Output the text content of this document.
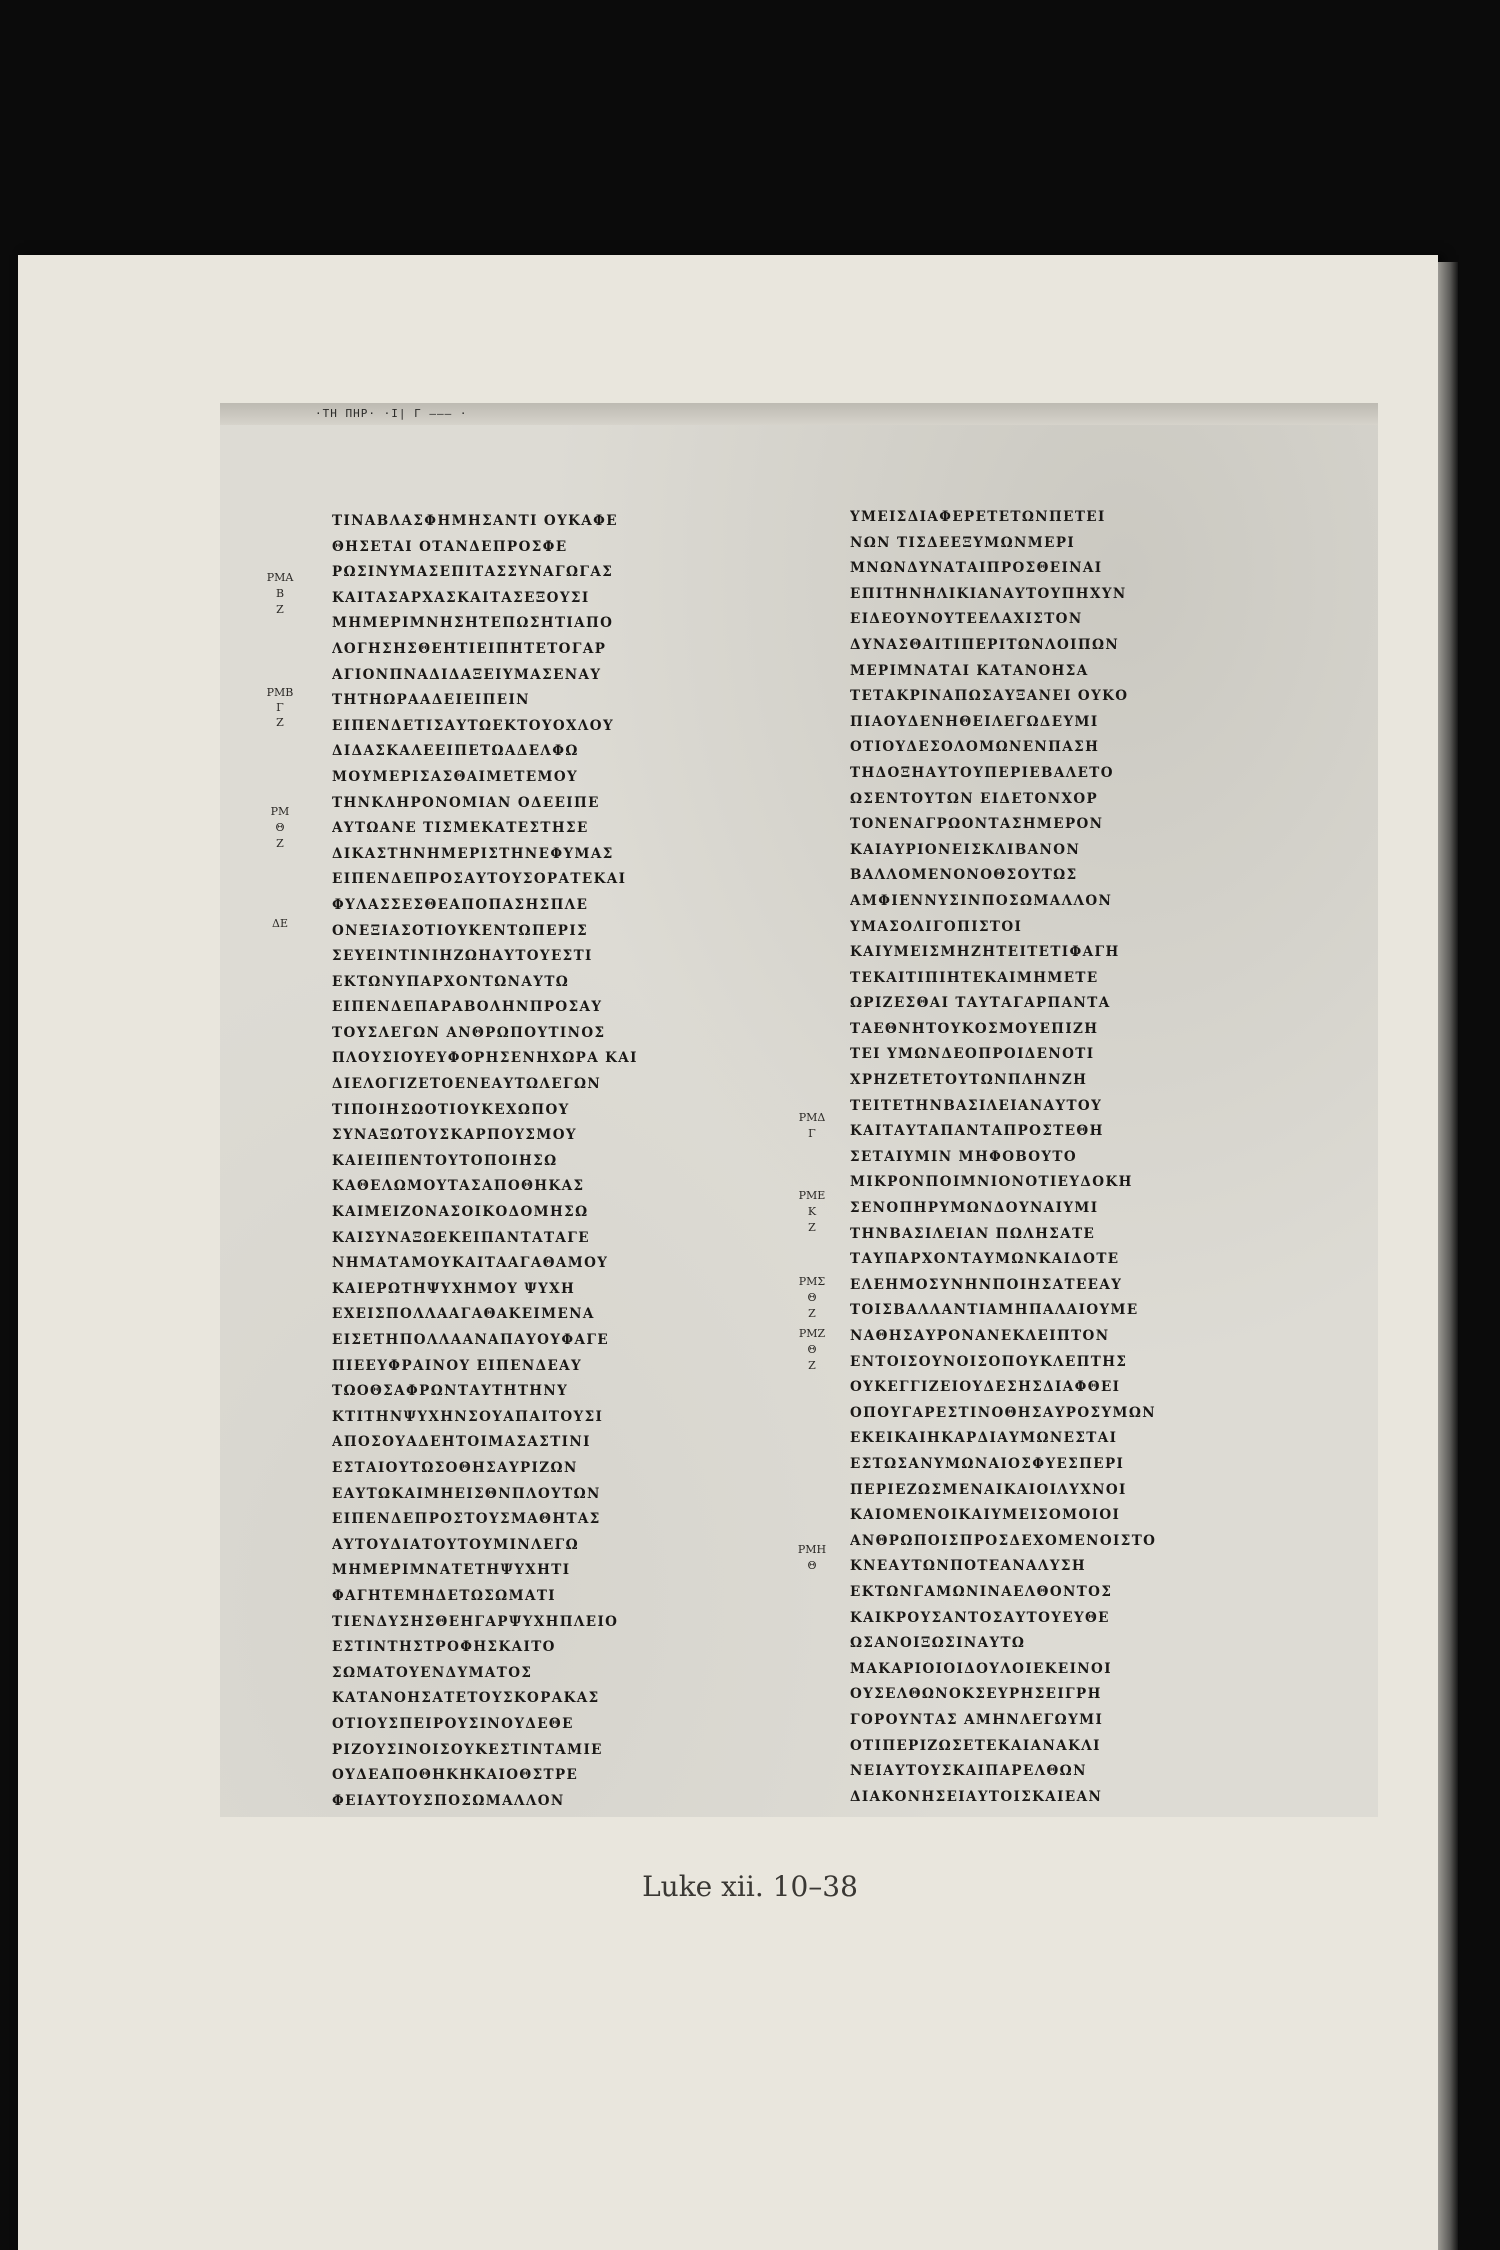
·ΤΗ ΠΗΡ· ·Ι| Γ ——— ·
ΡΜΑ
Β
Ζ
ΡΜΒ
Γ
Ζ
ΡΜ
Θ
Ζ
ΔΕ
ΤΙΝΑΒΛΑΣΦΗΜΗΣΑΝΤΙ ΟΥΚΑΦΕ
ΘΗΣΕΤΑΙ ΟΤΑΝΔΕΠΡΟΣΦΕ
ΡΩΣΙΝΥΜΑΣΕΠΙΤΑΣΣΥΝΑΓΩΓΑΣ
ΚΑΙΤΑΣΑΡΧΑΣΚΑΙΤΑΣΕΞΟΥΣΙ
ΜΗΜΕΡΙΜΝΗΣΗΤΕΠΩΣΗΤΙΑΠΟ
ΛΟΓΗΣΗΣΘΕΗΤΙΕΙΠΗΤΕΤΟΓΑΡ
ΑΓΙΟΝΠΝΑΔΙΔΑΞΕΙΥΜΑΣΕΝΑΥ
ΤΗΤΗΩΡΑΑΔΕΙΕΙΠΕΙΝ
ΕΙΠΕΝΔΕΤΙΣΑΥΤΩΕΚΤΟΥΟΧΛΟΥ
ΔΙΔΑΣΚΑΛΕΕΙΠΕΤΩΑΔΕΛΦΩ
ΜΟΥΜΕΡΙΣΑΣΘΑΙΜΕΤΕΜΟΥ
ΤΗΝΚΛΗΡΟΝΟΜΙΑΝ ΟΔΕΕΙΠΕ
ΑΥΤΩΑΝΕ ΤΙΣΜΕΚΑΤΕΣΤΗΣΕ
ΔΙΚΑΣΤΗΝΗΜΕΡΙΣΤΗΝΕΦΥΜΑΣ
ΕΙΠΕΝΔΕΠΡΟΣΑΥΤΟΥΣΟΡΑΤΕΚΑΙ
ΦΥΛΑΣΣΕΣΘΕΑΠΟΠΑΣΗΣΠΛΕ
ΟΝΕΞΙΑΣΟΤΙΟΥΚΕΝΤΩΠΕΡΙΣ
ΣΕΥΕΙΝΤΙΝΙΗΖΩΗΑΥΤΟΥΕΣΤΙ
ΕΚΤΩΝΥΠΑΡΧΟΝΤΩΝΑΥΤΩ
ΕΙΠΕΝΔΕΠΑΡΑΒΟΛΗΝΠΡΟΣΑΥ
ΤΟΥΣΛΕΓΩΝ ΑΝΘΡΩΠΟΥΤΙΝΟΣ
ΠΛΟΥΣΙΟΥΕΥΦΟΡΗΣΕΝΗΧΩΡΑ ΚΑΙ
ΔΙΕΛΟΓΙΖΕΤΟΕΝΕΑΥΤΩΛΕΓΩΝ
ΤΙΠΟΙΗΣΩΟΤΙΟΥΚΕΧΩΠΟΥ
ΣΥΝΑΞΩΤΟΥΣΚΑΡΠΟΥΣΜΟΥ
ΚΑΙΕΙΠΕΝΤΟΥΤΟΠΟΙΗΣΩ
ΚΑΘΕΛΩΜΟΥΤΑΣΑΠΟΘΗΚΑΣ
ΚΑΙΜΕΙΖΟΝΑΣΟΙΚΟΔΟΜΗΣΩ
ΚΑΙΣΥΝΑΞΩΕΚΕΙΠΑΝΤΑΤΑΓΕ
ΝΗΜΑΤΑΜΟΥΚΑΙΤΑΑΓΑΘΑΜΟΥ
ΚΑΙΕΡΩΤΗΨΥΧΗΜΟΥ ΨΥΧΗ
ΕΧΕΙΣΠΟΛΛΑΑΓΑΘΑΚΕΙΜΕΝΑ
ΕΙΣΕΤΗΠΟΛΛΑΑΝΑΠΑΥΟΥΦΑΓΕ
ΠΙΕΕΥΦΡΑΙΝΟΥ ΕΙΠΕΝΔΕΑΥ
ΤΩΟΘΣΑΦΡΩΝΤΑΥΤΗΤΗΝΥ
ΚΤΙΤΗΝΨΥΧΗΝΣΟΥΑΠΑΙΤΟΥΣΙ
ΑΠΟΣΟΥΑΔΕΗΤΟΙΜΑΣΑΣΤΙΝΙ
ΕΣΤΑΙΟΥΤΩΣΟΘΗΣΑΥΡΙΖΩΝ
ΕΑΥΤΩΚΑΙΜΗΕΙΣΘΝΠΛΟΥΤΩΝ
ΕΙΠΕΝΔΕΠΡΟΣΤΟΥΣΜΑΘΗΤΑΣ
ΑΥΤΟΥΔΙΑΤΟΥΤΟΥΜΙΝΛΕΓΩ
ΜΗΜΕΡΙΜΝΑΤΕΤΗΨΥΧΗΤΙ
ΦΑΓΗΤΕΜΗΔΕΤΩΣΩΜΑΤΙ
ΤΙΕΝΔΥΣΗΣΘΕΗΓΑΡΨΥΧΗΠΛΕΙΟ
ΕΣΤΙΝΤΗΣΤΡΟΦΗΣΚΑΙΤΟ
ΣΩΜΑΤΟΥΕΝΔΥΜΑΤΟΣ
ΚΑΤΑΝΟΗΣΑΤΕΤΟΥΣΚΟΡΑΚΑΣ
ΟΤΙΟΥΣΠΕΙΡΟΥΣΙΝΟΥΔΕΘΕ
ΡΙΖΟΥΣΙΝΟΙΣΟΥΚΕΣΤΙΝΤΑΜΙΕ
ΟΥΔΕΑΠΟΘΗΚΗΚΑΙΟΘΣΤΡΕ
ΦΕΙΑΥΤΟΥΣΠΟΣΩΜΑΛΛΟΝ
ΡΜΔ
Γ
ΡΜΕ
Κ
Ζ
ΡΜΣ
Θ
Ζ
ΡΜΖ
Θ
Ζ
ΡΜΗ
Θ
ΥΜΕΙΣΔΙΑΦΕΡΕΤΕΤΩΝΠΕΤΕΙ
ΝΩΝ ΤΙΣΔΕΕΞΥΜΩΝΜΕΡΙ
ΜΝΩΝΔΥΝΑΤΑΙΠΡΟΣΘΕΙΝΑΙ
ΕΠΙΤΗΝΗΛΙΚΙΑΝΑΥΤΟΥΠΗΧΥΝ
ΕΙΔΕΟΥΝΟΥΤΕΕΛΑΧΙΣΤΟΝ
ΔΥΝΑΣΘΑΙΤΙΠΕΡΙΤΩΝΛΟΙΠΩΝ
ΜΕΡΙΜΝΑΤΑΙ ΚΑΤΑΝΟΗΣΑ
ΤΕΤΑΚΡΙΝΑΠΩΣΑΥΞΑΝΕΙ ΟΥΚΟ
ΠΙΑΟΥΔΕΝΗΘΕΙΛΕΓΩΔΕΥΜΙ
ΟΤΙΟΥΔΕΣΟΛΟΜΩΝΕΝΠΑΣΗ
ΤΗΔΟΞΗΑΥΤΟΥΠΕΡΙΕΒΑΛΕΤΟ
ΩΣΕΝΤΟΥΤΩΝ ΕΙΔΕΤΟΝΧΟΡ
ΤΟΝΕΝΑΓΡΩΟΝΤΑΣΗΜΕΡΟΝ
ΚΑΙΑΥΡΙΟΝΕΙΣΚΛΙΒΑΝΟΝ
ΒΑΛΛΟΜΕΝΟΝΟΘΣΟΥΤΩΣ
ΑΜΦΙΕΝΝΥΣΙΝΠΟΣΩΜΑΛΛΟΝ
ΥΜΑΣΟΛΙΓΟΠΙΣΤΟΙ
ΚΑΙΥΜΕΙΣΜΗΖΗΤΕΙΤΕΤΙΦΑΓΗ
ΤΕΚΑΙΤΙΠΙΗΤΕΚΑΙΜΗΜΕΤΕ
ΩΡΙΖΕΣΘΑΙ ΤΑΥΤΑΓΑΡΠΑΝΤΑ
ΤΑΕΘΝΗΤΟΥΚΟΣΜΟΥΕΠΙΖΗ
ΤΕΙ ΥΜΩΝΔΕΟΠΡΟΙΔΕΝΟΤΙ
ΧΡΗΖΕΤΕΤΟΥΤΩΝΠΛΗΝΖΗ
ΤΕΙΤΕΤΗΝΒΑΣΙΛΕΙΑΝΑΥΤΟΥ
ΚΑΙΤΑΥΤΑΠΑΝΤΑΠΡΟΣΤΕΘΗ
ΣΕΤΑΙΥΜΙΝ ΜΗΦΟΒΟΥΤΟ
ΜΙΚΡΟΝΠΟΙΜΝΙΟΝΟΤΙΕΥΔΟΚΗ
ΣΕΝΟΠΗΡΥΜΩΝΔΟΥΝΑΙΥΜΙ
ΤΗΝΒΑΣΙΛΕΙΑΝ ΠΩΛΗΣΑΤΕ
ΤΑΥΠΑΡΧΟΝΤΑΥΜΩΝΚΑΙΔΟΤΕ
ΕΛΕΗΜΟΣΥΝΗΝΠΟΙΗΣΑΤΕΕΑΥ
ΤΟΙΣΒΑΛΛΑΝΤΙΑΜΗΠΑΛΑΙΟΥΜΕ
ΝΑΘΗΣΑΥΡΟΝΑΝΕΚΛΕΙΠΤΟΝ
ΕΝΤΟΙΣΟΥΝΟΙΣΟΠΟΥΚΛΕΠΤΗΣ
ΟΥΚΕΓΓΙΖΕΙΟΥΔΕΣΗΣΔΙΑΦΘΕΙ
ΟΠΟΥΓΑΡΕΣΤΙΝΟΘΗΣΑΥΡΟΣΥΜΩΝ
ΕΚΕΙΚΑΙΗΚΑΡΔΙΑΥΜΩΝΕΣΤΑΙ
ΕΣΤΩΣΑΝΥΜΩΝΑΙΟΣΦΥΕΣΠΕΡΙ
ΠΕΡΙΕΖΩΣΜΕΝΑΙΚΑΙΟΙΛΥΧΝΟΙ
ΚΑΙΟΜΕΝΟΙΚΑΙΥΜΕΙΣΟΜΟΙΟΙ
ΑΝΘΡΩΠΟΙΣΠΡΟΣΔΕΧΟΜΕΝΟΙΣΤΟ
ΚΝΕΑΥΤΩΝΠΟΤΕΑΝΑΛΥΣΗ
ΕΚΤΩΝΓΑΜΩΝΙΝΑΕΛΘΟΝΤΟΣ
ΚΑΙΚΡΟΥΣΑΝΤΟΣΑΥΤΟΥΕΥΘΕ
ΩΣΑΝΟΙΞΩΣΙΝΑΥΤΩ
ΜΑΚΑΡΙΟΙΟΙΔΟΥΛΟΙΕΚΕΙΝΟΙ
ΟΥΣΕΛΘΩΝΟΚΣΕΥΡΗΣΕΙΓΡΗ
ΓΟΡΟΥΝΤΑΣ ΑΜΗΝΛΕΓΩΥΜΙ
ΟΤΙΠΕΡΙΖΩΣΕΤΕΚΑΙΑΝΑΚΛΙ
ΝΕΙΑΥΤΟΥΣΚΑΙΠΑΡΕΛΘΩΝ
ΔΙΑΚΟΝΗΣΕΙΑΥΤΟΙΣΚΑΙΕΑΝ
Luke xii. 10–38
